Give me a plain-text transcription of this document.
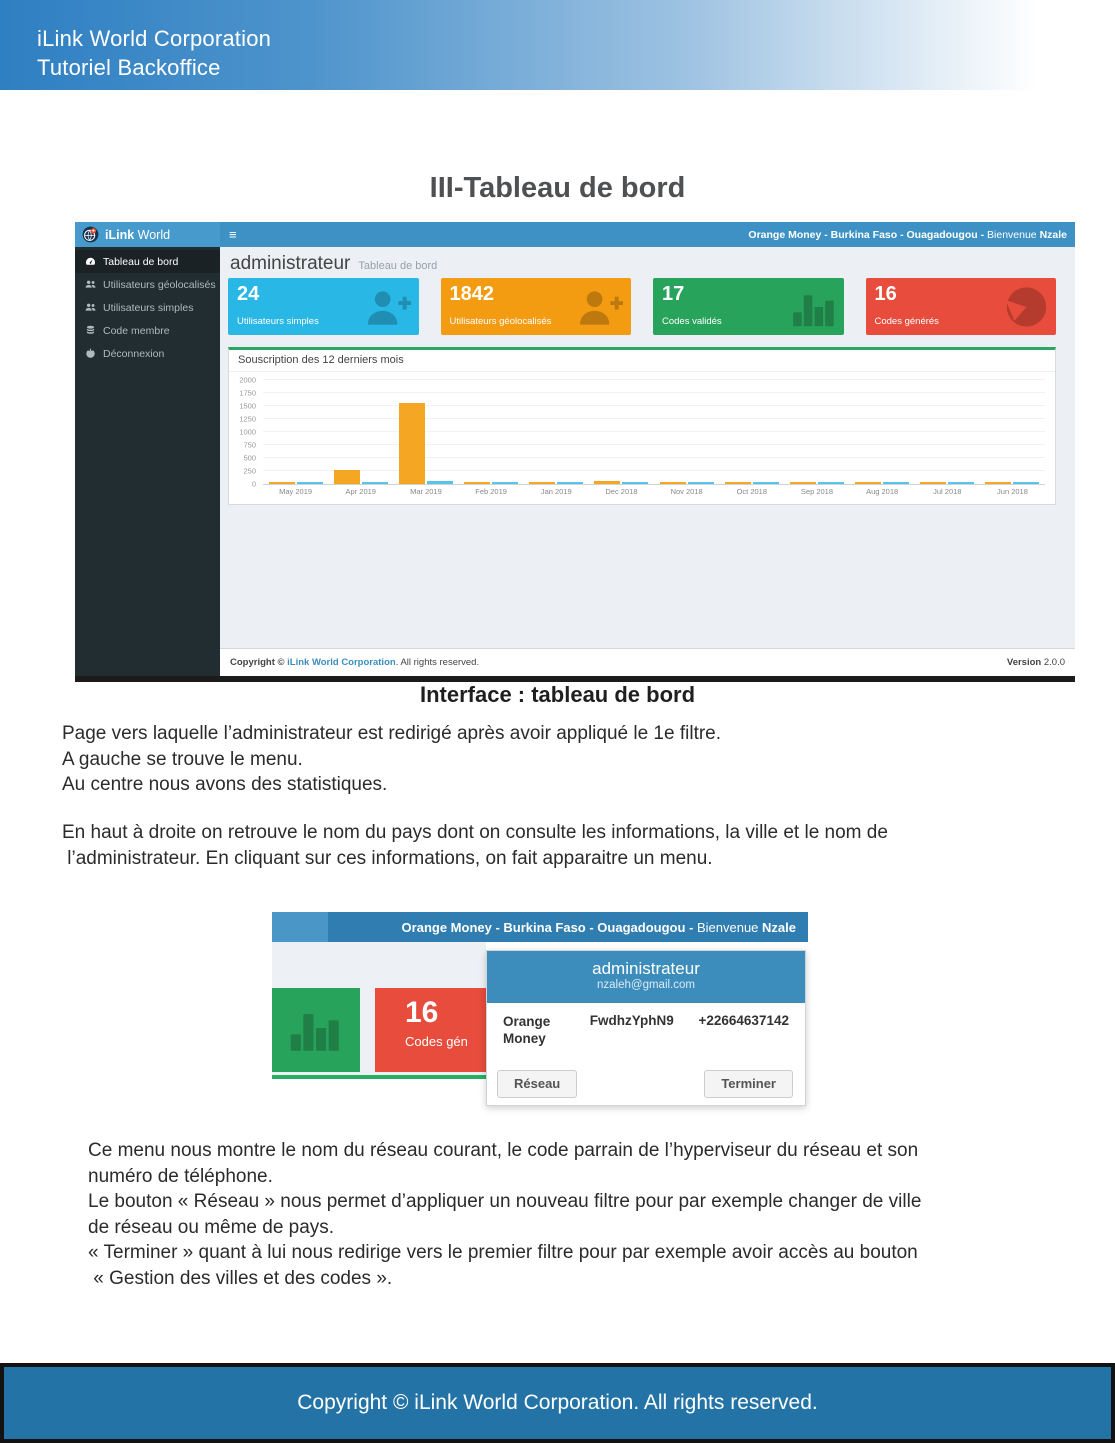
iLink World Corporation
Tutoriel Backoffice
III-Tableau de bord
iLink World	≡	Orange Money - Burkina Faso - Ouagadougou - Bienvenue Nzale
Tableau de bord
Utilisateurs géolocalisés
Utilisateurs simples
Code membre
Déconnexion
administrateur Tableau de bord
24
Utilisateurs simples
1842
Utilisateurs géolocalisés
17
Codes validés
16
Codes générés
Souscription des 12 derniers mois
0
250
500
750
1000
1250
1500
1750
2000
May 2019	Apr 2019	Mar 2019	Feb 2019	Jan 2019	Dec 2018	Nov 2018	Oct 2018	Sep 2018	Aug 2018	Jul 2018	Jun 2018
Copyright © iLink World Corporation. All rights reserved.	Version 2.0.0
Interface : tableau de bord
Page vers laquelle l’administrateur est redirigé après avoir appliqué le 1e filtre.
A gauche se trouve le menu.
Au centre nous avons des statistiques.
En haut à droite on retrouve le nom du pays dont on consulte les informations, la ville et le nom de
l’administrateur. En cliquant sur ces informations, on fait apparaitre un menu.
Orange Money - Burkina Faso - Ouagadougou - Bienvenue Nzale
16
Codes gén
administrateur
nzaleh@gmail.com
Orange Money
FwdhzYphN9 +22664637142
Réseau	Terminer
Ce menu nous montre le nom du réseau courant, le code parrain de l’hyperviseur du réseau et son
numéro de téléphone.
Le bouton « Réseau » nous permet d’appliquer un nouveau filtre pour par exemple changer de ville
de réseau ou même de pays.
« Terminer » quant à lui nous redirige vers le premier filtre pour par exemple avoir accès au bouton
« Gestion des villes et des codes ».
Copyright © iLink World Corporation. All rights reserved.
